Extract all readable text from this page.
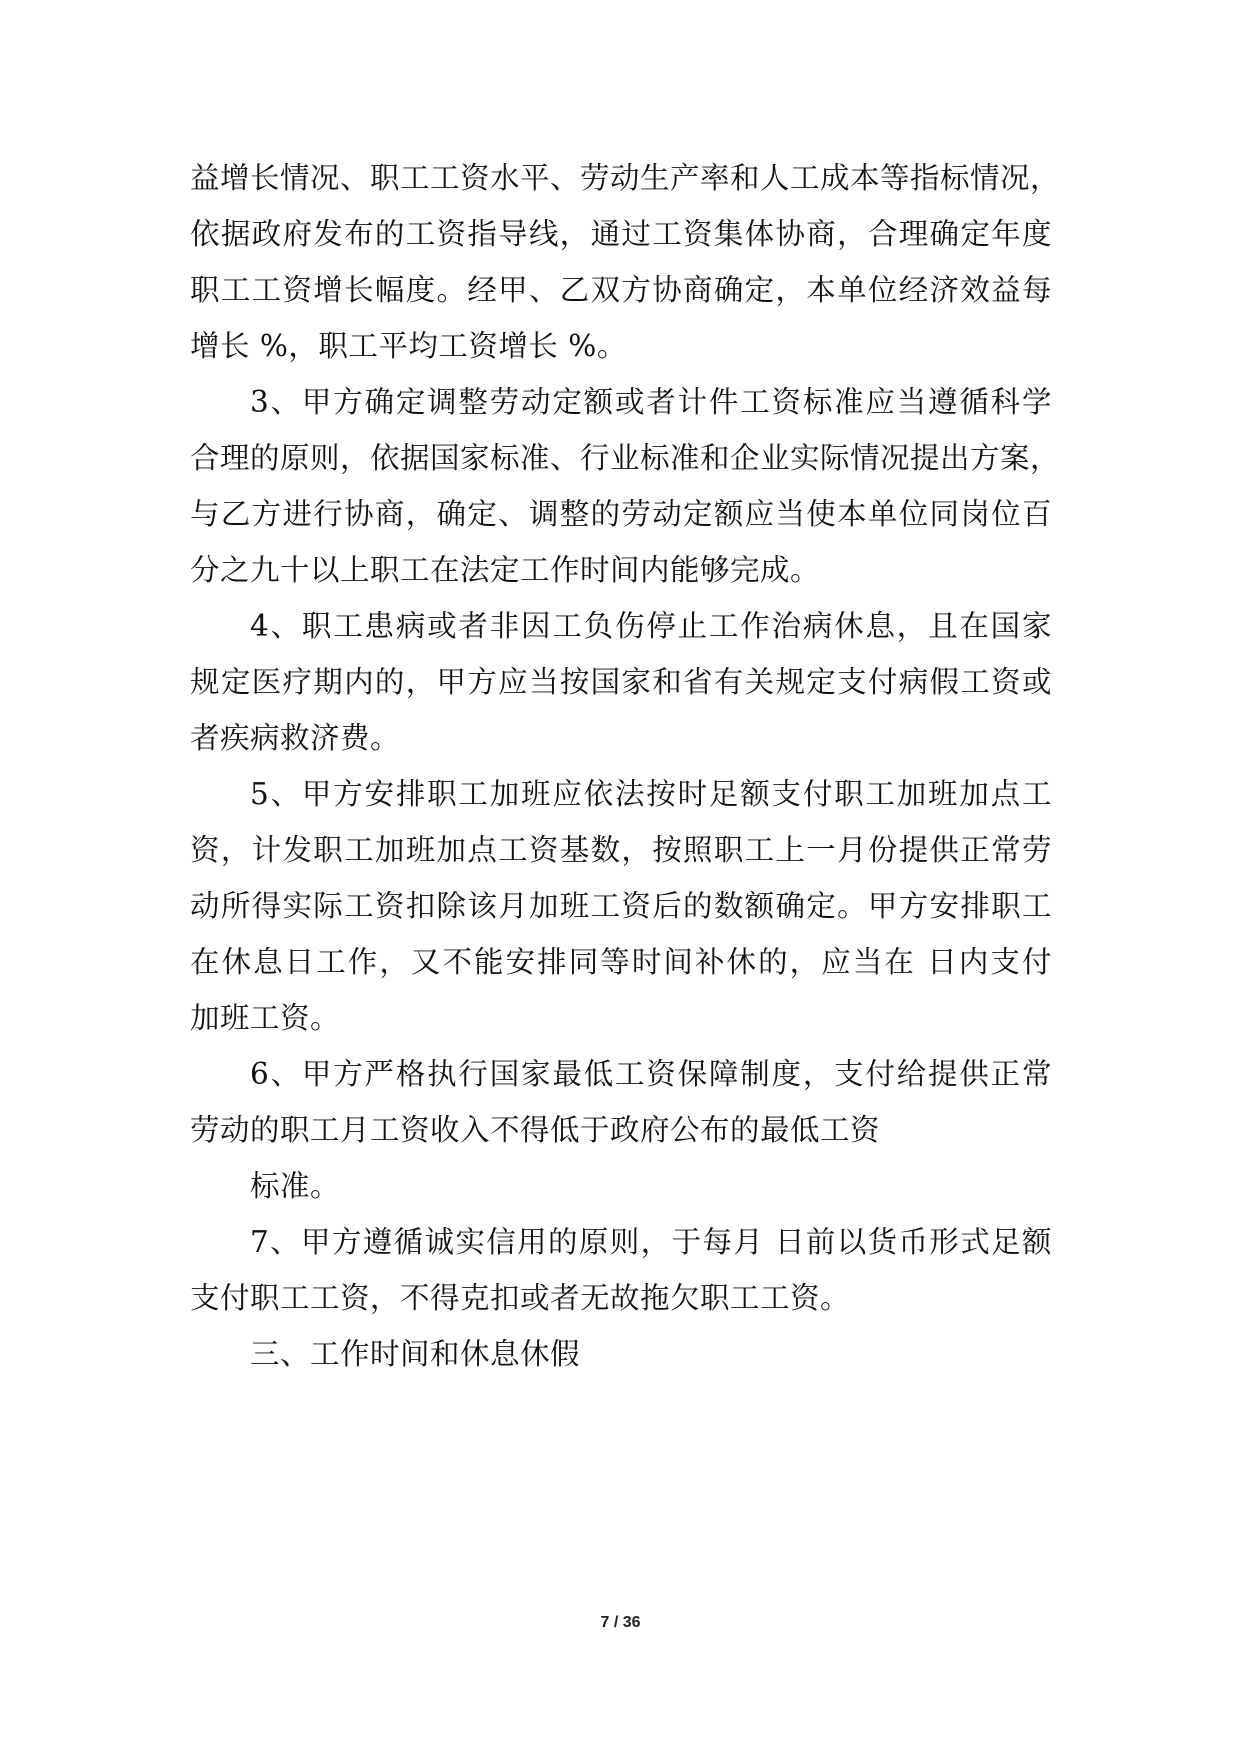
益增长情况、职工工资水平、劳动生产率和人工成本等指标情况，
依据政府发布的工资指导线，通过工资集体协商，合理确定年度
职工工资增长幅度。经甲、乙双方协商确定，本单位经济效益每
增长 %，职工平均工资增长 %。
3、甲方确定调整劳动定额或者计件工资标准应当遵循科学
合理的原则，依据国家标准、行业标准和企业实际情况提出方案，
与乙方进行协商，确定、调整的劳动定额应当使本单位同岗位百
分之九十以上职工在法定工作时间内能够完成。
4、职工患病或者非因工负伤停止工作治病休息，且在国家
规定医疗期内的，甲方应当按国家和省有关规定支付病假工资或
者疾病救济费。
5、甲方安排职工加班应依法按时足额支付职工加班加点工
资，计发职工加班加点工资基数，按照职工上一月份提供正常劳
动所得实际工资扣除该月加班工资后的数额确定。甲方安排职工
在休息日工作，又不能安排同等时间补休的，应当在 日内支付
加班工资。
6、甲方严格执行国家最低工资保障制度，支付给提供正常
劳动的职工月工资收入不得低于政府公布的最低工资
标准。
7、甲方遵循诚实信用的原则，于每月 日前以货币形式足额
支付职工工资，不得克扣或者无故拖欠职工工资。
三、工作时间和休息休假
7 / 36
